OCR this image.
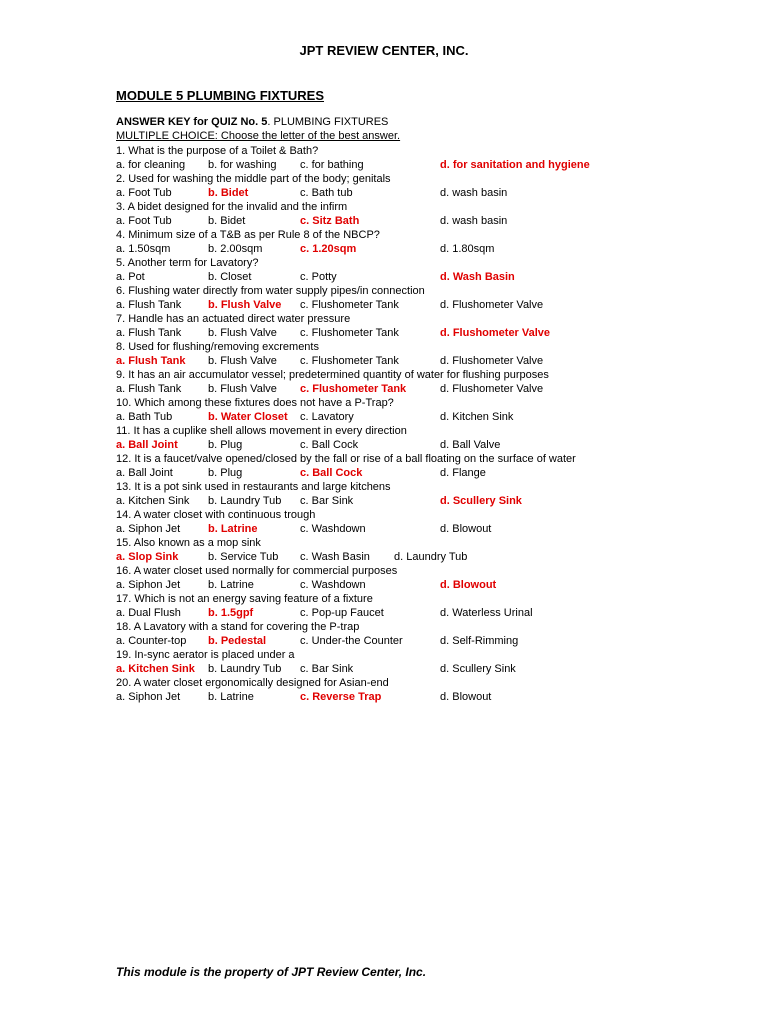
JPT REVIEW CENTER, INC.
MODULE 5 PLUMBING FIXTURES
ANSWER KEY for QUIZ No. 5. PLUMBING FIXTURES
MULTIPLE CHOICE: Choose the letter of the best answer.
1. What is the purpose of a Toilet & Bath?
a. for cleaning b. for washing c. for bathing	d. for sanitation and hygiene
2. Used for washing the middle part of the body; genitals
a. Foot Tub	b. Bidet	c. Bath tub	d. wash basin
3. A bidet designed for the invalid and the infirm
a. Foot Tub	b. Bidet	c. Sitz Bath	d. wash basin
4. Minimum size of a T&B as per Rule 8 of the NBCP?
a. 1.50sqm	b. 2.00sqm	c. 1.20sqm	d. 1.80sqm
5. Another term for Lavatory?
a. Pot	b. Closet	c. Potty	d. Wash Basin
6. Flushing water directly from water supply pipes/in connection
a. Flush Tank b. Flush Valve c. Flushometer Tank	d. Flushometer Valve
7. Handle has an actuated direct water pressure
a. Flush Tank b. Flush Valve c. Flushometer Tank	d. Flushometer Valve
8. Used for flushing/removing excrements
a. Flush Tank b. Flush Valve c. Flushometer Tank	d. Flushometer Valve
9. It has an air accumulator vessel; predetermined quantity of water for flushing purposes
a. Flush Tank b. Flush Valve c. Flushometer Tank	d. Flushometer Valve
10. Which among these fixtures does not have a P-Trap?
a. Bath Tub	b. Water Closet c. Lavatory	d. Kitchen Sink
11. It has a cuplike shell allows movement in every direction
a. Ball Joint	b. Plug	c. Ball Cock	d. Ball Valve
12. It is a faucet/valve opened/closed by the fall or rise of a ball floating on the surface of water
a. Ball Joint	b. Plug	c. Ball Cock	d. Flange
13. It is a pot sink used in restaurants and large kitchens
a. Kitchen Sink b. Laundry Tub c. Bar Sink	d. Scullery Sink
14. A water closet with continuous trough
a. Siphon Jet	b. Latrine	c. Washdown	d. Blowout
15. Also known as a mop sink
a. Slop Sink	b. Service Tub c. Wash Basin d. Laundry Tub
16. A water closet used normally for commercial purposes
a. Siphon Jet	b. Latrine	c. Washdown	d. Blowout
17. Which is not an energy saving feature of a fixture
a. Dual Flush b. 1.5gpf	c. Pop-up Faucet	d. Waterless Urinal
18. A Lavatory with a stand for covering the P-trap
a. Counter-top b. Pedestal	c. Under-the Counter	d. Self-Rimming
19. In-sync aerator is placed under a
a. Kitchen Sink b. Laundry Tub c. Bar Sink	d. Scullery Sink
20. A water closet ergonomically designed for Asian-end
a. Siphon Jet	b. Latrine	c. Reverse Trap	d. Blowout
This module is the property of JPT Review Center, Inc.
